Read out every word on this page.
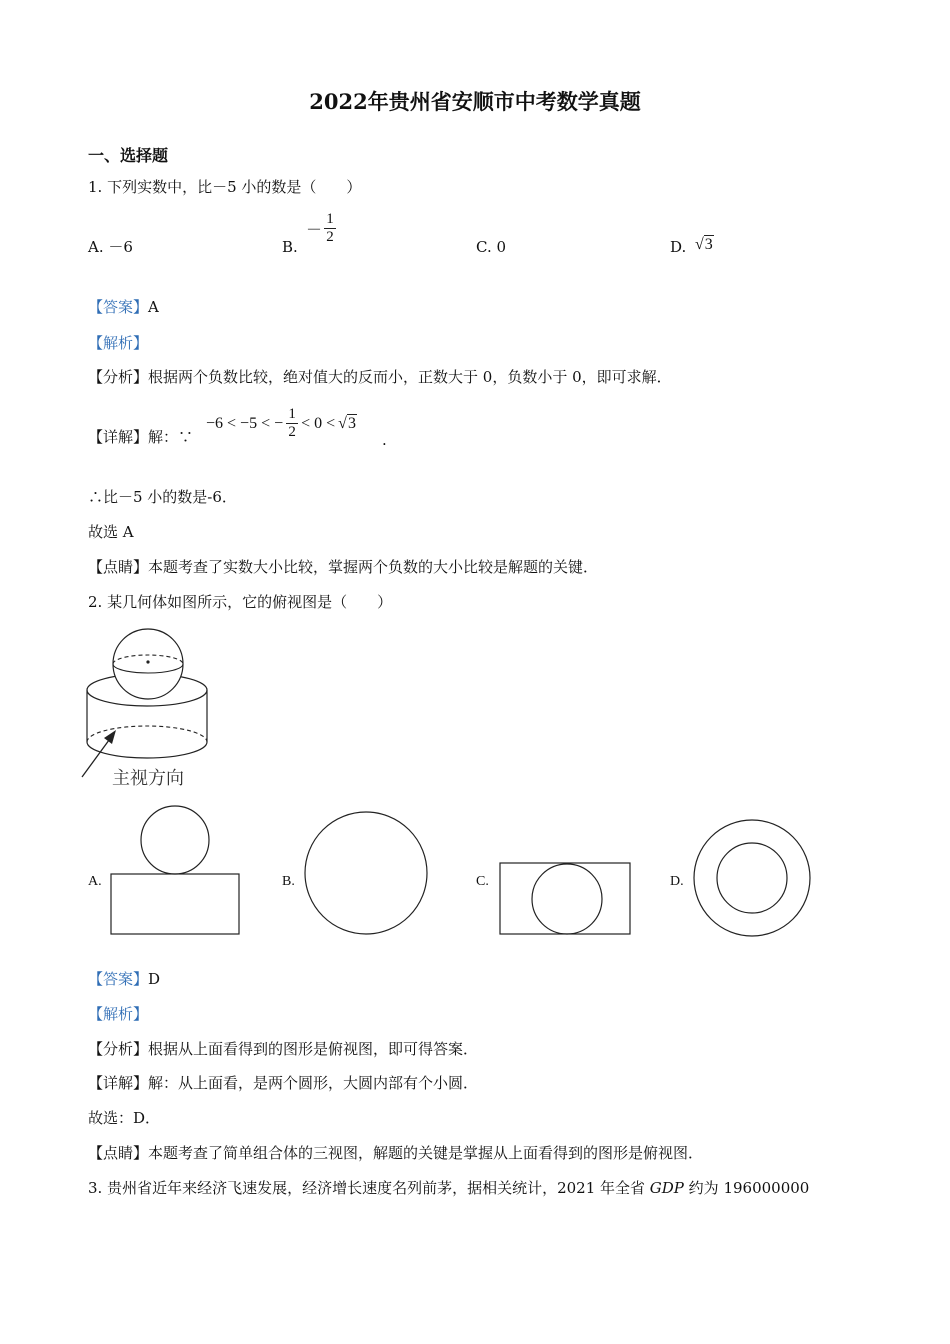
2022年贵州省安顺市中考数学真题
一、选择题
1. 下列实数中，比－5 小的数是（　　）
A. －6	B.
－ $\frac{1}{2}$
C. 0	D. √3
【答案】A
【解析】
【分析】根据两个负数比较，绝对值大的反而小，正数大于 0，负数小于 0，即可求解．
【详解】解：∵
−6 < −5 < − $\frac{1}{2} < 0 < √3$
.
∴比－5 小的数是-6．
故选 A
【点睛】本题考查了实数大小比较，掌握两个负数的大小比较是解题的关键．
2. 某几何体如图所示，它的俯视图是（　　）
主视方向
A.	B.	C.	D.
【答案】D
【解析】
【分析】根据从上面看得到的图形是俯视图，即可得答案．
【详解】解：从上面看，是两个圆形，大圆内部有个小圆．
故选：D．
【点睛】本题考查了简单组合体的三视图，解题的关键是掌握从上面看得到的图形是俯视图．
3. 贵州省近年来经济飞速发展，经济增长速度名列前茅，据相关统计，2021 年全省 GDP 约为 196000000
